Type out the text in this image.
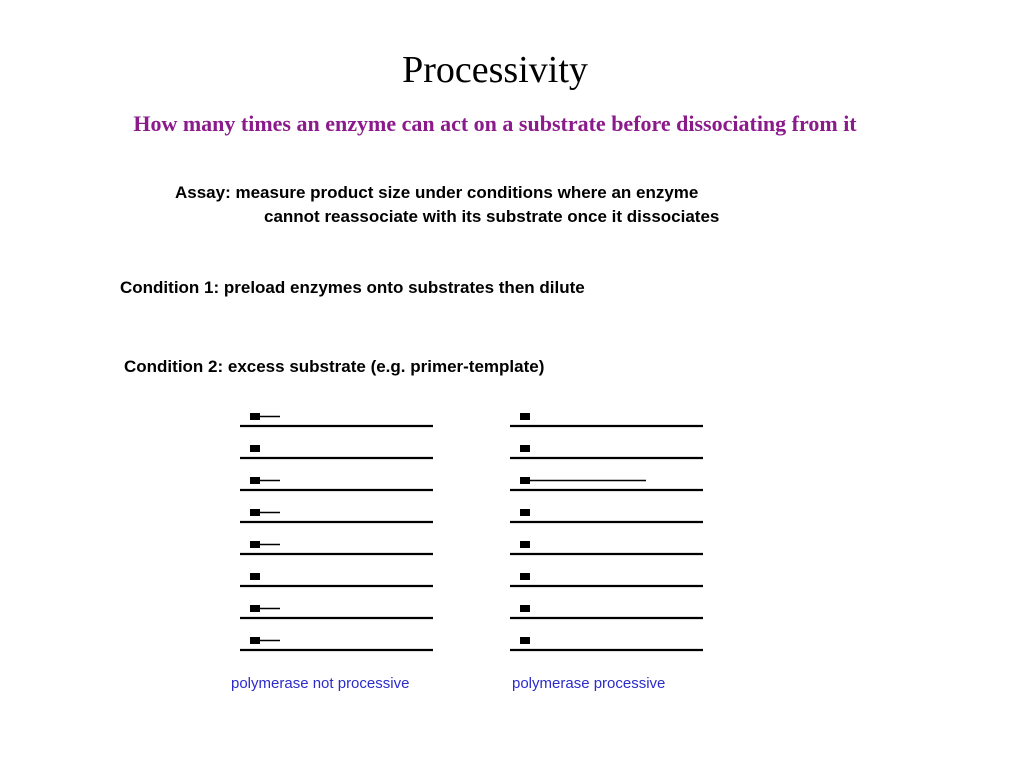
Processivity
How many times an enzyme can act on a substrate before dissociating from it
Assay: measure product size under conditions where an enzyme
cannot reassociate with its substrate once it dissociates
Condition 1: preload enzymes onto substrates then dilute
Condition 2: excess substrate (e.g. primer-template)
polymerase not processive	polymerase processive
